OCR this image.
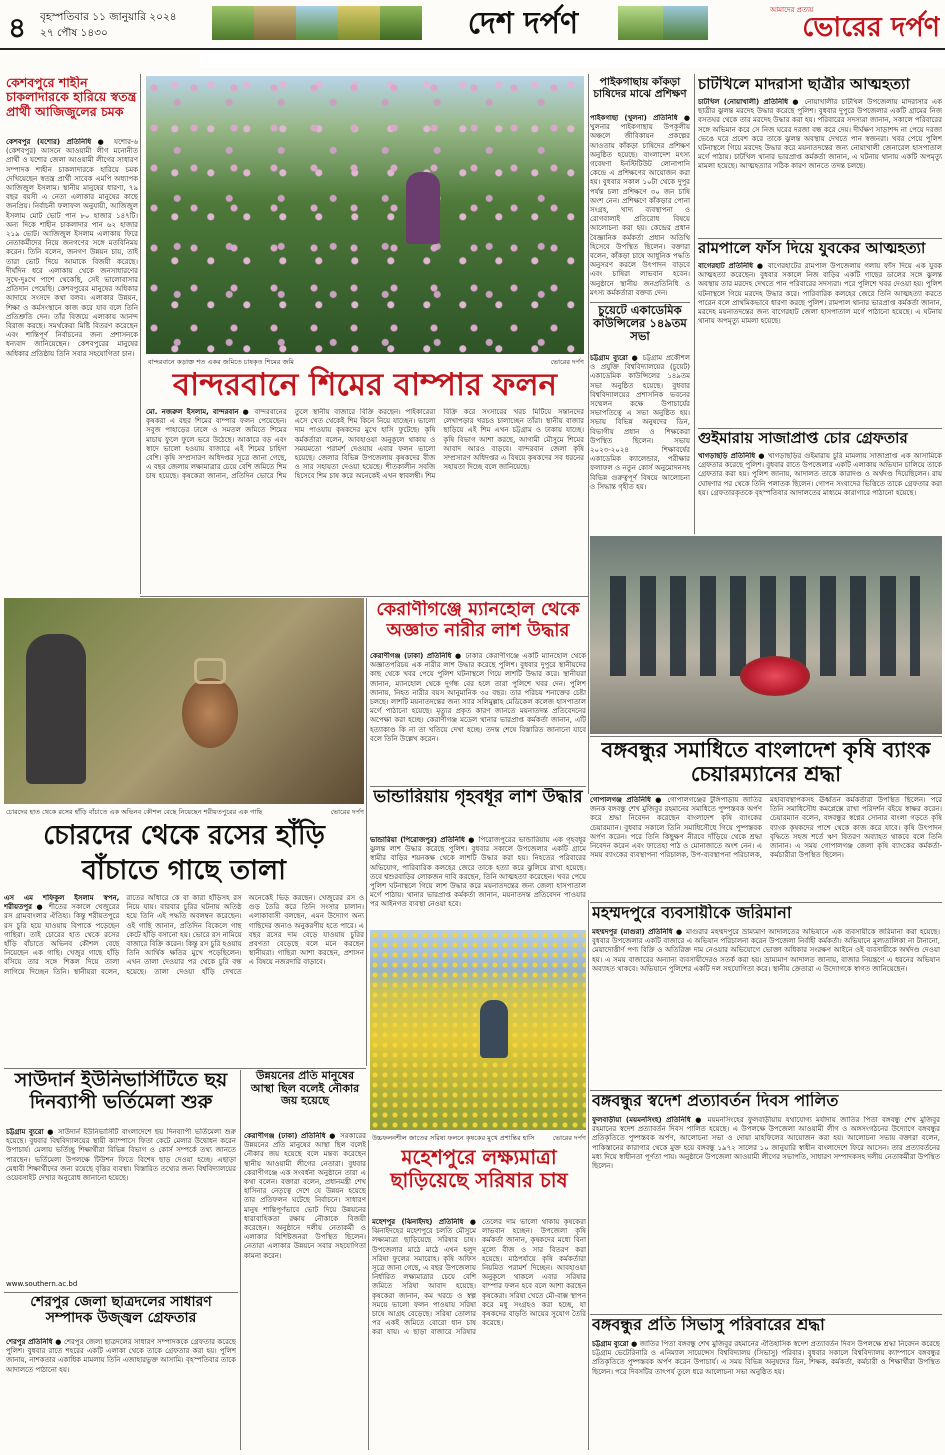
৪	বৃহস্পতিবার ১১ জানুয়ারি ২০২৪
২৭ পৌষ ১৪৩০	দেশ দর্পণ	আমাদের প্রত্যয়
ভোরের দর্পণ
কেশবপুরে শাহীন চাকলাদারকে হারিয়ে স্বতন্ত্র প্রার্থী আজিজুলের চমক
কেশবপুর (যশোর) প্রতিনিধি ● যশোর-৬ (কেশবপুর) আসনে আওয়ামী লীগ মনোনীত প্রার্থী ও যশোর জেলা আওয়ামী লীগের সাধারণ সম্পাদক শাহীন চাকলাদারকে হারিয়ে চমক দেখিয়েছেন স্বতন্ত্র প্রার্থী সাবেক এমপি অধ্যাপক আজিজুল ইসলাম। স্থানীয় মানুষের ধারণা, ৭৯ বছর বয়সী এ নেতা এলাকার মানুষের কাছে জনপ্রিয়। নির্বাচনী ফলাফল অনুযায়ী, আজিজুল ইসলাম মোট ভোট পান ৮০ হাজার ১৪৭টি। অন্য দিকে শাহীন চাকলাদার পান ৬২ হাজার ২১৯ ভোট। আজিজুল ইসলাম এলাকায় ফিরে নেতাকর্মীদের নিয়ে জনগণের সঙ্গে মতবিনিময় করেন। তিনি বলেন, জনগণ উন্নয়ন চায়, তাই তারা ভোট দিয়ে আমাকে বিজয়ী করেছে। দীর্ঘদিন ধরে এলাকায় থেকে জনসাধারণের সুখে-দুঃখে পাশে থেকেছি, সেই ভালোবাসার প্রতিদান পেয়েছি। কেশবপুরের মানুষের অধিকার আদায়ে সংসদে কথা বলব। এলাকার উন্নয়ন, শিক্ষা ও কর্মসংস্থানে কাজ করে যাব বলে তিনি প্রতিশ্রুতি দেন। তাঁর বিজয়ে এলাকায় আনন্দ বিরাজ করছে। সমর্থকেরা মিষ্টি বিতরণ করেছেন এবং শান্তিপূর্ণ নির্বাচনের জন্য প্রশাসনকে ধন্যবাদ জানিয়েছেন। কেশবপুরের মানুষের অধিকার প্রতিষ্ঠায় তিনি সবার সহযোগিতা চান।
বান্দরবানে কড়াক্ত শত একর জমিতে চাষকৃত শিমের জমি	ভোরের দর্পণ
বান্দরবানে শিমের বাম্পার ফলন
মো. নজরুল ইসলাম, বান্দরবান ● বান্দরবানের কৃষকরা এ বছর শিমের বাম্পার ফলন পেয়েছেন। সবুজ পাহাড়ের ঢালে ও সমতল জমিতে শিমের মাচায় ফুলে ফুলে ভরে উঠেছে। আকারে বড় এবং স্বাদে ভালো হওয়ায় বাজারে এই শিমের চাহিদা বেশি। কৃষি সম্প্রসারণ অধিদপ্তর সূত্রে জানা গেছে, এ বছর জেলায় লক্ষ্যমাত্রার চেয়ে বেশি জমিতে শিম চাষ হয়েছে। কৃষকেরা জানান, প্রতিদিন ভোরে শিম তুলে স্থানীয় বাজারে বিক্রি করছেন। পাইকারেরা এসে খেত থেকেই শিম কিনে নিয়ে যাচ্ছেন। ভালো দাম পাওয়ায় কৃষকদের মুখে হাসি ফুটেছে। কৃষি কর্মকর্তারা বলেন, আবহাওয়া অনুকূলে থাকায় ও সময়মতো পরামর্শ দেওয়ায় এবার ফলন ভালো হয়েছে। জেলার বিভিন্ন উপজেলায় কৃষকদের বীজ ও সার সহায়তা দেওয়া হয়েছে। শীতকালীন সবজি হিসেবে শিম চাষ করে অনেকেই এখন স্বাবলম্বী। শিম বিক্রি করে সংসারের খরচ মিটিয়ে সন্তানদের লেখাপড়ার খরচও চালাচ্ছেন তাঁরা। স্থানীয় বাজার ছাড়িয়ে এই শিম এখন চট্টগ্রাম ও ঢাকায় যাচ্ছে। কৃষি বিভাগ আশা করছে, আগামী মৌসুমে শিমের আবাদ আরও বাড়বে। বান্দরবান জেলা কৃষি সম্প্রসারণ অধিদপ্তর এ বিষয়ে কৃষকদের সব ধরনের সহায়তা দিচ্ছে বলে জানিয়েছে।
পাইকগাছায় কাঁকড়া চাষিদের মাঝে প্রশিক্ষণ
পাইকগাছা (খুলনা) প্রতিনিধি ● খুলনার পাইকগাছায় উপকূলীয় অঞ্চলে জীবিকায়ন প্রকল্পের আওতায় কাঁকড়া চাষিদের প্রশিক্ষণ অনুষ্ঠিত হয়েছে। বাংলাদেশ মৎস্য গবেষণা ইনস্টিটিউট লোনাপানি কেন্দ্রে এ প্রশিক্ষণের আয়োজন করা হয়। বুধবার সকাল ১০টা থেকে দুপুর পর্যন্ত চলা প্রশিক্ষণে ৩০ জন চাষি অংশ নেন। প্রশিক্ষণে কাঁকড়ার পোনা সংগ্রহ, খাদ্য ব্যবস্থাপনা ও রোগবালাই প্রতিরোধ বিষয়ে আলোচনা করা হয়। কেন্দ্রের প্রধান বৈজ্ঞানিক কর্মকর্তা প্রধান অতিথি হিসেবে উপস্থিত ছিলেন। বক্তারা বলেন, কাঁকড়া চাষে আধুনিক পদ্ধতি অনুসরণ করলে উৎপাদন বাড়বে এবং চাষিরা লাভবান হবেন। অনুষ্ঠানে স্থানীয় জনপ্রতিনিধি ও মৎস্য কর্মকর্তারা বক্তব্য দেন।
চুয়েটে একাডেমিক কাউন্সিলের ১৪৯তম সভা
চট্টগ্রাম ব্যুরো ● চট্টগ্রাম প্রকৌশল ও প্রযুক্তি বিশ্ববিদ্যালয়ের (চুয়েট) একাডেমিক কাউন্সিলের ১৪৯তম সভা অনুষ্ঠিত হয়েছে। বুধবার বিশ্ববিদ্যালয়ের প্রশাসনিক ভবনের সম্মেলন কক্ষে উপাচার্যের সভাপতিত্বে এ সভা অনুষ্ঠিত হয়। সভায় বিভিন্ন অনুষদের ডিন, বিভাগীয় প্রধান ও শিক্ষকেরা উপস্থিত ছিলেন। সভায় ২০২৩-২০২৪ শিক্ষাবর্ষের একাডেমিক ক্যালেন্ডার, পরীক্ষার ফলাফল ও নতুন কোর্স অনুমোদনসহ বিভিন্ন গুরুত্বপূর্ণ বিষয়ে আলোচনা ও সিদ্ধান্ত গৃহীত হয়।
চাটখিলে মাদরাসা ছাত্রীর আত্মহত্যা
চাটখিল (নোয়াখালী) প্রতিনিধি ● নোয়াখালীর চাটখিল উপজেলায় মাদরাসার এক ছাত্রীর ঝুলন্ত মরদেহ উদ্ধার করেছে পুলিশ। বুধবার দুপুরে উপজেলার একটি গ্রামের নিজ বসতঘর থেকে তার মরদেহ উদ্ধার করা হয়। পরিবারের সদস্যরা জানান, সকালে পরিবারের সঙ্গে অভিমান করে সে নিজ ঘরের দরজা বন্ধ করে দেয়। দীর্ঘক্ষণ সাড়াশব্দ না পেয়ে দরজা ভেঙে ঘরে প্রবেশ করে তাকে ঝুলন্ত অবস্থায় দেখতে পান স্বজনরা। খবর পেয়ে পুলিশ ঘটনাস্থলে গিয়ে মরদেহ উদ্ধার করে ময়নাতদন্তের জন্য নোয়াখালী জেনারেল হাসপাতাল মর্গে পাঠায়। চাটখিল থানার ভারপ্রাপ্ত কর্মকর্তা জানান, এ ঘটনায় থানায় একটি অপমৃত্যু মামলা হয়েছে। আত্মহত্যার সঠিক কারণ জানতে তদন্ত চলছে।
রামপালে ফাঁস দিয়ে যুবকের আত্মহত্যা
বাগেরহাট প্রতিনিধি ● বাগেরহাটের রামপাল উপজেলায় গলায় ফাঁস দিয়ে এক যুবক আত্মহত্যা করেছেন। বুধবার সকালে নিজ বাড়ির একটি গাছের ডালের সঙ্গে ঝুলন্ত অবস্থায় তার মরদেহ দেখতে পান পরিবারের সদস্যরা। পরে পুলিশে খবর দেওয়া হয়। পুলিশ ঘটনাস্থলে গিয়ে মরদেহ উদ্ধার করে। পারিবারিক কলহের জেরে তিনি আত্মহত্যা করতে পারেন বলে প্রাথমিকভাবে ধারণা করছে পুলিশ। রামপাল থানার ভারপ্রাপ্ত কর্মকর্তা জানান, মরদেহ ময়নাতদন্তের জন্য বাগেরহাট জেলা হাসপাতাল মর্গে পাঠানো হয়েছে। এ ঘটনায় থানায় অপমৃত্যু মামলা হয়েছে।
গুইমারায় সাজাপ্রাপ্ত চোর গ্রেফতার
খাগড়াছড়ি প্রতিনিধি ● খাগড়াছড়ির গুইমারায় চুরি মামলায় সাজাপ্রাপ্ত এক আসামিকে গ্রেফতার করেছে পুলিশ। বুধবার রাতে উপজেলার একটি এলাকায় অভিযান চালিয়ে তাকে গ্রেফতার করা হয়। পুলিশ জানায়, আদালত তাকে কারাদণ্ড ও অর্থদণ্ড দিয়েছিলেন। রায় ঘোষণার পর থেকে তিনি পলাতক ছিলেন। গোপন সংবাদের ভিত্তিতে তাকে গ্রেফতার করা হয়। গ্রেফতারকৃতকে বৃহস্পতিবার আদালতের মাধ্যমে কারাগারে পাঠানো হয়েছে।
বঙ্গবন্ধুর সমাধিতে বাংলাদেশ কৃষি ব্যাংক চেয়ারম্যানের শ্রদ্ধা
গোপালগঞ্জ প্রতিনিধি ● গোপালগঞ্জের টুঙ্গিপাড়ায় জাতির জনক বঙ্গবন্ধু শেখ মুজিবুর রহমানের সমাধিতে পুষ্পস্তবক অর্পণ করে শ্রদ্ধা নিবেদন করেছেন বাংলাদেশ কৃষি ব্যাংকের চেয়ারম্যান। বুধবার সকালে তিনি সমাধিসৌধে গিয়ে পুষ্পস্তবক অর্পণ করেন। পরে তিনি কিছুক্ষণ নীরবে দাঁড়িয়ে থেকে শ্রদ্ধা নিবেদন করেন এবং ফাতেহা পাঠ ও মোনাজাতে অংশ নেন। এ সময় ব্যাংকের ব্যবস্থাপনা পরিচালক, উপ-ব্যবস্থাপনা পরিচালক, মহাব্যবস্থাপকসহ ঊর্ধ্বতন কর্মকর্তারা উপস্থিত ছিলেন। পরে তিনি সমাধিসৌধ কমপ্লেক্সে রাখা পরিদর্শন বইয়ে স্বাক্ষর করেন। চেয়ারম্যান বলেন, বঙ্গবন্ধুর স্বপ্নের সোনার বাংলা গড়তে কৃষি ব্যাংক কৃষকদের পাশে থেকে কাজ করে যাবে। কৃষি উৎপাদন বৃদ্ধিতে সহজ শর্তে ঋণ বিতরণ অব্যাহত থাকবে বলে তিনি জানান। এ সময় গোপালগঞ্জ জেলা কৃষি ব্যাংকের কর্মকর্তা-কর্মচারীরা উপস্থিত ছিলেন।
চোরদের হাত থেকে রসের হাঁড়ি বাঁচাতে এক অভিনব কৌশল বেছে নিয়েছেন শরীয়তপুরের এক গাছি	ভোরের দর্পণ
চোরদের থেকে রসের হাঁড়ি বাঁচাতে গাছে তালা
এস এম শফিকুল ইসলাম স্বপন, শরীয়তপুর ● শীতের সকালে খেজুরের রস গ্রামবাংলার ঐতিহ্য। কিন্তু শরীয়তপুরে রস চুরি হয়ে যাওয়ায় বিপাকে পড়েছেন গাছিরা। তাই চোরের হাত থেকে রসের হাঁড়ি বাঁচাতে অভিনব কৌশল বেছে নিয়েছেন এক গাছি। খেজুর গাছে হাঁড়ি বসিয়ে তার সঙ্গে শিকল দিয়ে তালা লাগিয়ে দিচ্ছেন তিনি। স্থানীয়রা বলেন, রাতের আঁধারে কে বা কারা হাঁড়িসহ রস নিয়ে যায়। বারবার চুরির ঘটনায় অতিষ্ঠ হয়ে তিনি এই পদ্ধতি অবলম্বন করেছেন। ওই গাছি জানান, প্রতিদিন বিকেলে গাছ কেটে হাঁড়ি বসানো হয়। ভোরে রস নামিয়ে বাজারে বিক্রি করেন। কিন্তু রস চুরি হওয়ায় তিনি আর্থিক ক্ষতির মুখে পড়েছিলেন। এখন তালা দেওয়ার পর থেকে চুরি বন্ধ হয়েছে। তালা দেওয়া হাঁড়ি দেখতে অনেকেই ভিড় করছেন। খেজুরের রস ও গুড় তৈরি করে তিনি সংসার চালান। এলাকাবাসী বলছেন, এমন উদ্যোগ অন্য গাছিদের জন্যও অনুকরণীয় হতে পারে। এ বছর রসের দাম বেড়ে যাওয়ায় চুরির প্রবণতা বেড়েছে বলে মনে করছেন স্থানীয়রা। গাছিরা আশা করছেন, প্রশাসন এ বিষয়ে নজরদারি বাড়াবে।
কেরাণীগঞ্জে ম্যানহোল থেকে অজ্ঞাত নারীর লাশ উদ্ধার
কেরাণীগঞ্জ (ঢাকা) প্রতিনিধি ● ঢাকার কেরাণীগঞ্জে একটি ম্যানহোল থেকে অজ্ঞাতপরিচয় এক নারীর লাশ উদ্ধার করেছে পুলিশ। বুধবার দুপুরে স্থানীয়দের কাছ থেকে খবর পেয়ে পুলিশ ঘটনাস্থলে গিয়ে লাশটি উদ্ধার করে। স্থানীয়রা জানান, ম্যানহোল থেকে দুর্গন্ধ বের হলে তারা পুলিশে খবর দেন। পুলিশ জানায়, নিহত নারীর বয়স আনুমানিক ৩৫ বছর। তার পরিচয় শনাক্তের চেষ্টা চলছে। লাশটি ময়নাতদন্তের জন্য স্যার সলিমুল্লাহ মেডিকেল কলেজ হাসপাতাল মর্গে পাঠানো হয়েছে। মৃত্যুর প্রকৃত কারণ জানতে ময়নাতদন্ত প্রতিবেদনের অপেক্ষা করা হচ্ছে। কেরাণীগঞ্জ মডেল থানার ভারপ্রাপ্ত কর্মকর্তা জানান, এটি হত্যাকাণ্ড কি না তা খতিয়ে দেখা হচ্ছে। তদন্ত শেষে বিস্তারিত জানানো যাবে বলে তিনি উল্লেখ করেন।
ভান্ডারিয়ায় গৃহবধূর লাশ উদ্ধার
ভান্ডারিয়া (পিরোজপুর) প্রতিনিধি ● পিরোজপুরের ভান্ডারিয়ায় এক গৃহবধূর ঝুলন্ত লাশ উদ্ধার করেছে পুলিশ। বুধবার সকালে উপজেলার একটি গ্রামে স্বামীর বাড়ির শয়নকক্ষ থেকে লাশটি উদ্ধার করা হয়। নিহতের পরিবারের অভিযোগ, পারিবারিক কলহের জেরে তাকে হত্যা করে ঝুলিয়ে রাখা হয়েছে। তবে শ্বশুরবাড়ির লোকজন দাবি করছেন, তিনি আত্মহত্যা করেছেন। খবর পেয়ে পুলিশ ঘটনাস্থলে গিয়ে লাশ উদ্ধার করে ময়নাতদন্তের জন্য জেলা হাসপাতাল মর্গে পাঠায়। থানার ভারপ্রাপ্ত কর্মকর্তা জানান, ময়নাতদন্ত প্রতিবেদন পাওয়ার পর আইনগত ব্যবস্থা নেওয়া হবে।
উচ্চফলনশীল জাতের সরিষা ফলনে কৃষকের মুখে প্রশান্তির হাসি	ভোরের দর্পণ
মহম্মদপুরে ব্যবসায়ীকে জরিমানা
মহম্মদপুর (মাগুরা) প্রতিনিধি ● মাগুরার মহম্মদপুরে ভ্রাম্যমাণ আদালতের অভিযানে এক ব্যবসায়ীকে জরিমানা করা হয়েছে। বুধবার উপজেলার একটি বাজারে এ অভিযান পরিচালনা করেন উপজেলা নির্বাহী কর্মকর্তা। অভিযানে মূল্যতালিকা না টানানো, মেয়াদোত্তীর্ণ পণ্য বিক্রি ও অতিরিক্ত দাম নেওয়ার অভিযোগে ভোক্তা অধিকার সংরক্ষণ আইনে ওই ব্যবসায়ীকে অর্থদণ্ড দেওয়া হয়। এ সময় বাজারের অন্যান্য ব্যবসায়ীদেরও সতর্ক করা হয়। ভ্রাম্যমাণ আদালত জানায়, বাজার নিয়ন্ত্রণে এ ধরনের অভিযান অব্যাহত থাকবে। অভিযানে পুলিশের একটি দল সহযোগিতা করে। স্থানীয় ক্রেতারা এ উদ্যোগকে স্বাগত জানিয়েছেন।
বঙ্গবন্ধুর স্বদেশ প্রত্যাবর্তন দিবস পালিত
ফুলবাড়ীয়া (ময়মনসিংহ) প্রতিনিধি ● ময়মনসিংহের ফুলবাড়ীয়ায় যথাযোগ্য মর্যাদায় জাতির পিতা বঙ্গবন্ধু শেখ মুজিবুর রহমানের স্বদেশ প্রত্যাবর্তন দিবস পালিত হয়েছে। এ উপলক্ষে উপজেলা আওয়ামী লীগ ও অঙ্গসংগঠনের উদ্যোগে বঙ্গবন্ধুর প্রতিকৃতিতে পুষ্পস্তবক অর্পণ, আলোচনা সভা ও দোয়া মাহফিলের আয়োজন করা হয়। আলোচনা সভায় বক্তারা বলেন, পাকিস্তানের কারাগার থেকে মুক্ত হয়ে বঙ্গবন্ধু ১৯৭২ সালের ১০ জানুয়ারি স্বাধীন বাংলাদেশে ফিরে আসেন। তার প্রত্যাবর্তনের মধ্য দিয়ে স্বাধীনতা পূর্ণতা পায়। অনুষ্ঠানে উপজেলা আওয়ামী লীগের সভাপতি, সাধারণ সম্পাদকসহ দলীয় নেতাকর্মীরা উপস্থিত ছিলেন।
বঙ্গবন্ধুর প্রতি সিভাসু পরিবারের শ্রদ্ধা
চট্টগ্রাম ব্যুরো ● জাতির পিতা বঙ্গবন্ধু শেখ মুজিবুর রহমানের ঐতিহাসিক স্বদেশ প্রত্যাবর্তন দিবস উপলক্ষে শ্রদ্ধা নিবেদন করেছে চট্টগ্রাম ভেটেরিনারি ও এনিম্যাল সায়েন্সেস বিশ্ববিদ্যালয় (সিভাসু) পরিবার। বুধবার সকালে বিশ্ববিদ্যালয় ক্যাম্পাসে বঙ্গবন্ধুর প্রতিকৃতিতে পুষ্পস্তবক অর্পণ করেন উপাচার্য। এ সময় বিভিন্ন অনুষদের ডিন, শিক্ষক, কর্মকর্তা, কর্মচারী ও শিক্ষার্থীরা উপস্থিত ছিলেন। পরে দিবসটির তাৎপর্য তুলে ধরে আলোচনা সভা অনুষ্ঠিত হয়।
সাউদার্ন ইউনিভার্সিটিতে ছয় দিনব্যাপী ভর্তিমেলা শুরু
চট্টগ্রাম ব্যুরো ● সাউদার্ন ইউনিভার্সিটি বাংলাদেশে ছয় দিনব্যাপী ভর্তিমেলা শুরু হয়েছে। বুধবার বিশ্ববিদ্যালয়ের স্থায়ী ক্যাম্পাসে ফিতা কেটে মেলার উদ্বোধন করেন উপাচার্য। মেলায় ভর্তিচ্ছু শিক্ষার্থীরা বিভিন্ন বিভাগ ও কোর্স সম্পর্কে তথ্য জানতে পারছেন। ভর্তিমেলা উপলক্ষে টিউশন ফিতে বিশেষ ছাড় দেওয়া হচ্ছে। এছাড়া মেধাবী শিক্ষার্থীদের জন্য রয়েছে বৃত্তির ব্যবস্থা। বিস্তারিত তথ্যের জন্য বিশ্ববিদ্যালয়ের ওয়েবসাইট দেখার অনুরোধ জানানো হয়েছে।
www.southern.ac.bd
শেরপুর জেলা ছাত্রদলের সাধারণ সম্পাদক উজ্জ্বল গ্রেফতার
শেরপুর প্রতিনিধি ● শেরপুর জেলা ছাত্রদলের সাধারণ সম্পাদককে গ্রেফতার করেছে পুলিশ। বুধবার রাতে শহরের একটি এলাকা থেকে তাকে গ্রেফতার করা হয়। পুলিশ জানায়, নাশকতার একাধিক মামলায় তিনি এজাহারভুক্ত আসামি। বৃহস্পতিবার তাকে আদালতে পাঠানো হয়।
উন্নয়নের প্রতি মানুষের আস্থা ছিল বলেই নৌকার জয় হয়েছে
কেরাণীগঞ্জ (ঢাকা) প্রতিনিধি ● সরকারের উন্নয়নের প্রতি মানুষের আস্থা ছিল বলেই নৌকার জয় হয়েছে বলে মন্তব্য করেছেন স্থানীয় আওয়ামী লীগের নেতারা। বুধবার কেরাণীগঞ্জে এক সংবর্ধনা অনুষ্ঠানে তারা এ কথা বলেন। বক্তারা বলেন, প্রধানমন্ত্রী শেখ হাসিনার নেতৃত্বে দেশে যে উন্নয়ন হয়েছে তার প্রতিফলন ঘটেছে নির্বাচনে। সাধারণ মানুষ শান্তিপূর্ণভাবে ভোট দিয়ে উন্নয়নের ধারাবাহিকতা রক্ষায় নৌকাকে বিজয়ী করেছেন। অনুষ্ঠানে দলীয় নেতাকর্মী ও এলাকার বিশিষ্টজনরা উপস্থিত ছিলেন। নেতারা এলাকার উন্নয়নে সবার সহযোগিতা কামনা করেন।
মহেশপুরে লক্ষ্যমাত্রা ছাড়িয়েছে সরিষার চাষ
মহেশপুর (ঝিনাইদহ) প্রতিনিধি ● ঝিনাইদহের মহেশপুরে চলতি মৌসুমে লক্ষ্যমাত্রা ছাড়িয়েছে সরিষার চাষ। উপজেলার মাঠে মাঠে এখন হলুদ সরিষা ফুলের সমারোহ। কৃষি অফিস সূত্রে জানা গেছে, এ বছর উপজেলায় নির্ধারিত লক্ষ্যমাত্রার চেয়ে বেশি জমিতে সরিষা আবাদ হয়েছে। কৃষকেরা জানান, কম খরচে ও স্বল্প সময়ে ভালো ফলন পাওয়ায় সরিষা চাষে আগ্রহ বেড়েছে। সরিষা তোলার পর একই জমিতে বোরো ধান চাষ করা যায়। এ ছাড়া বাজারে সরিষার তেলের দাম ভালো থাকায় কৃষকেরা লাভবান হচ্ছেন। উপজেলা কৃষি কর্মকর্তা জানান, কৃষকদের মধ্যে বিনা মূল্যে বীজ ও সার বিতরণ করা হয়েছে। মাঠপর্যায়ে কৃষি কর্মকর্তারা নিয়মিত পরামর্শ দিচ্ছেন। আবহাওয়া অনুকূলে থাকলে এবার সরিষার বাম্পার ফলন হবে বলে আশা করছেন কৃষকেরা। সরিষা খেতে মৌ-বাক্স স্থাপন করে মধু সংগ্রহও করা হচ্ছে, যা কৃষকদের বাড়তি আয়ের সুযোগ তৈরি করেছে।
